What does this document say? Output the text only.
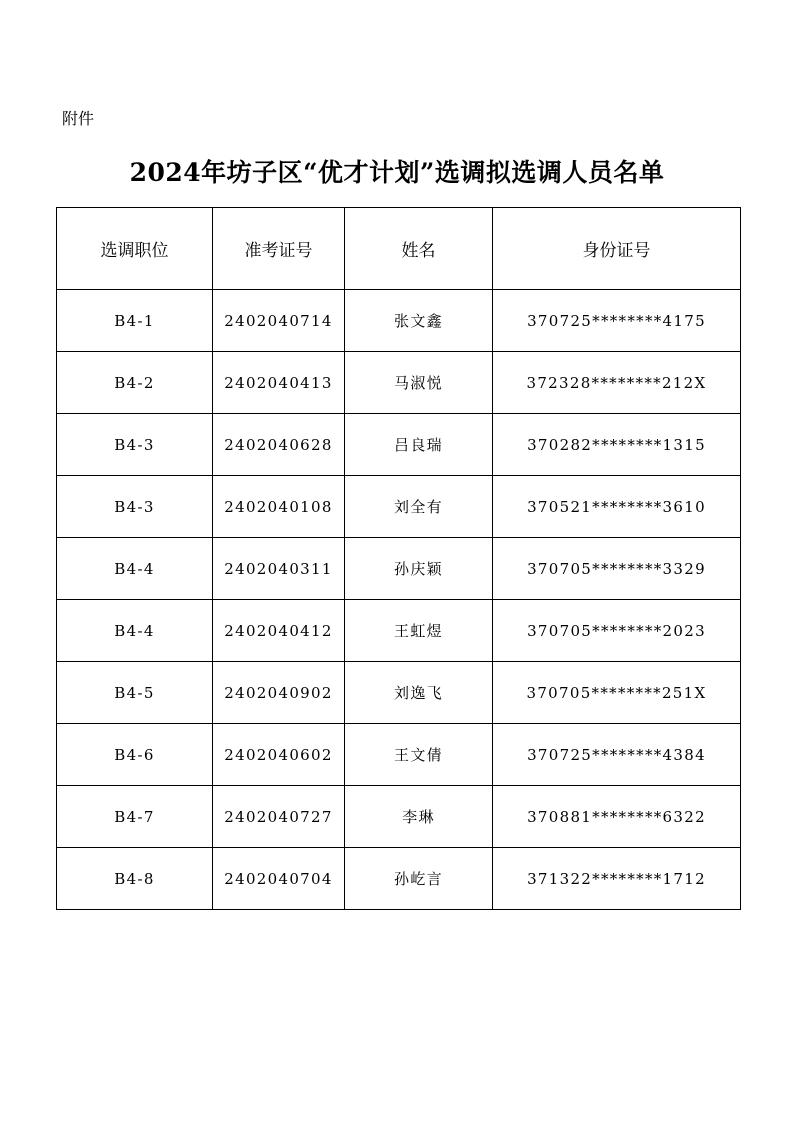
附件
2024年坊子区“优才计划”选调拟选调人员名单
选调职位	准考证号	姓名	身份证号
B4-1	2402040714	张文鑫	370725********4175
B4-2	2402040413	马淑悦	372328********212X
B4-3	2402040628	吕良瑞	370282********1315
B4-3	2402040108	刘全有	370521********3610
B4-4	2402040311	孙庆颖	370705********3329
B4-4	2402040412	王虹煜	370705********2023
B4-5	2402040902	刘逸飞	370705********251X
B4-6	2402040602	王文倩	370725********4384
B4-7	2402040727	李琳	370881********6322
B4-8	2402040704	孙屹言	371322********1712
